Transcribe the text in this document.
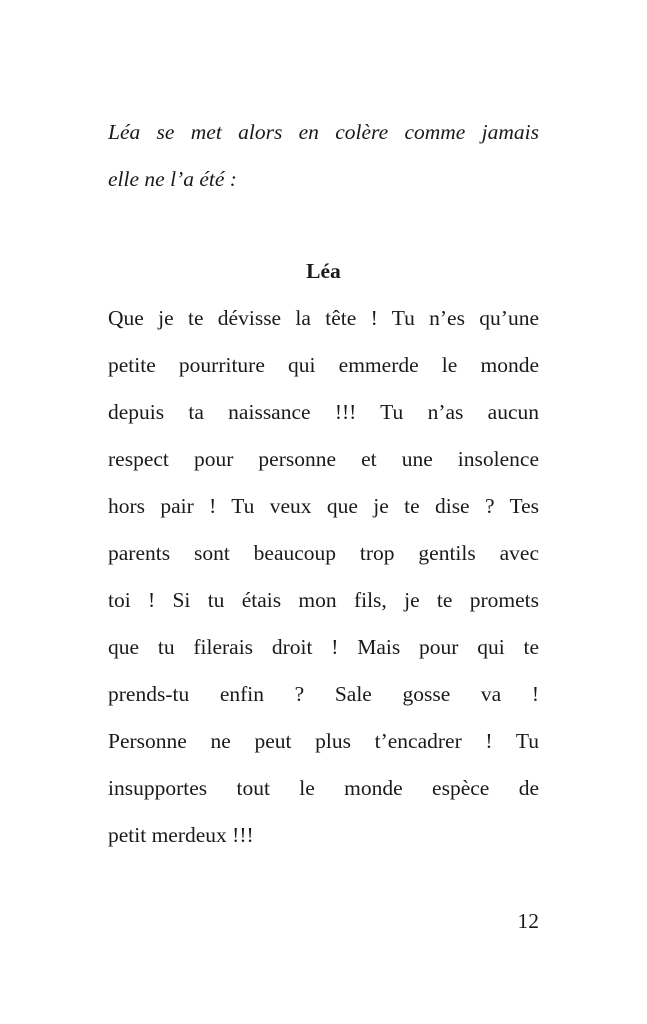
Léa se met alors en colère comme jamais
elle ne l’a été :
Léa
Que je te dévisse la tête ! Tu n’es qu’une
petite pourriture qui emmerde le monde
depuis ta naissance !!! Tu n’as aucun
respect pour personne et une insolence
hors pair ! Tu veux que je te dise ? Tes
parents sont beaucoup trop gentils avec
toi ! Si tu étais mon fils, je te promets
que tu filerais droit ! Mais pour qui te
prends-tu enfin ? Sale gosse va !
Personne ne peut plus t’encadrer ! Tu
insupportes tout le monde espèce de
petit merdeux !!!
12
